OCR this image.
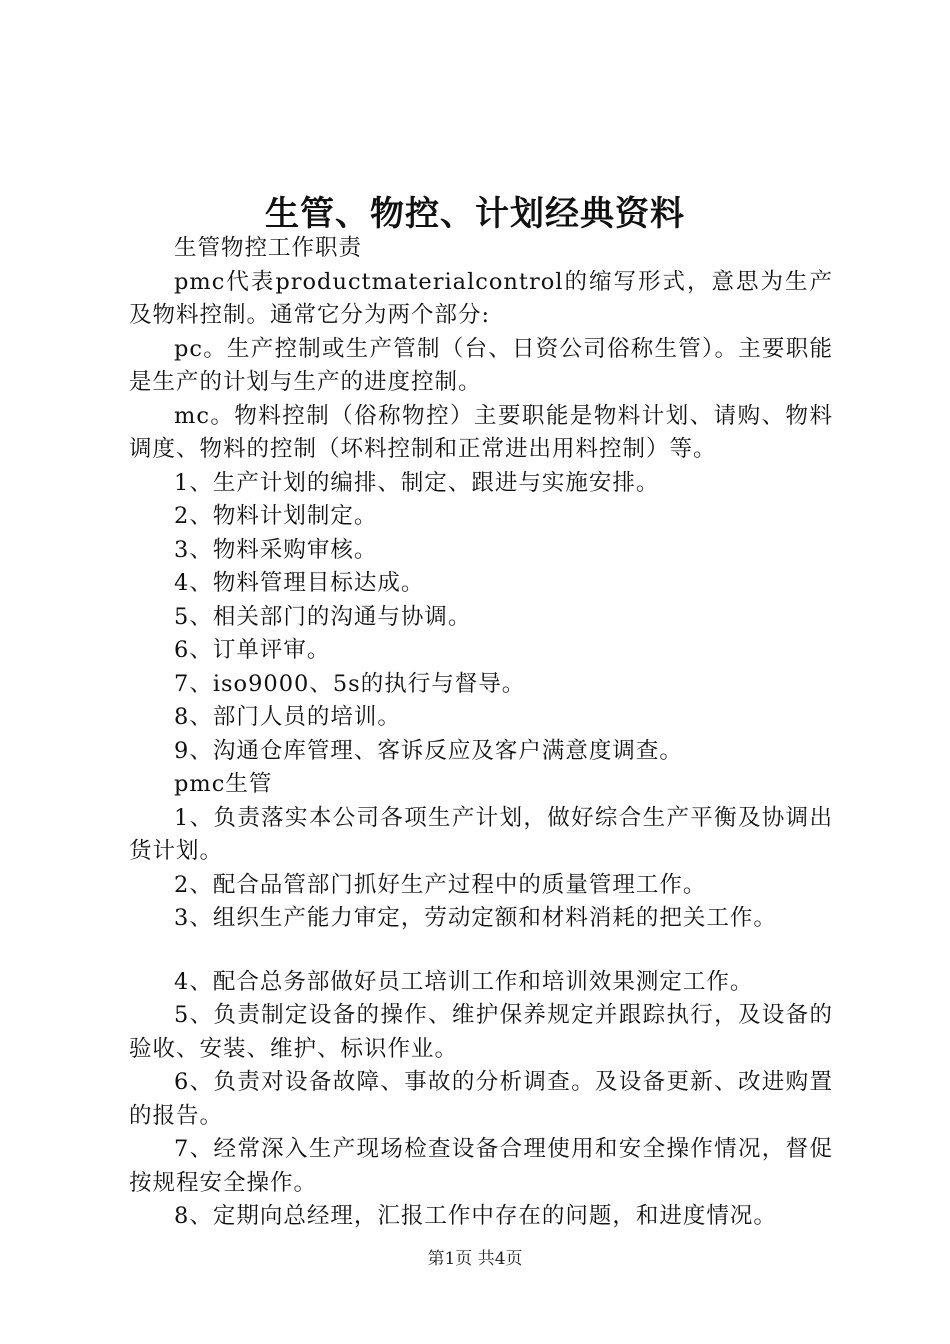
生管、物控、计划经典资料

生管物控工作职责

pmc代表productmaterialcontrol的缩写形式，意思为生产及物料控制。通常它分为两个部分:

pc。生产控制或生产管制（台、日资公司俗称生管）。主要职能是生产的计划与生产的进度控制。

mc。物料控制（俗称物控）主要职能是物料计划、请购、物料调度、物料的控制（坏料控制和正常进出用料控制）等。

1、生产计划的编排、制定、跟进与实施安排。

2、物料计划制定。

3、物料采购审核。

4、物料管理目标达成。

5、相关部门的沟通与协调。

6、订单评审。

7、iso9000、5s的执行与督导。

8、部门人员的培训。

9、沟通仓库管理、客诉反应及客户满意度调查。

pmc生管

1、负责落实本公司各项生产计划，做好综合生产平衡及协调出货计划。

2、配合品管部门抓好生产过程中的质量管理工作。

3、组织生产能力审定，劳动定额和材料消耗的把关工作。

4、配合总务部做好员工培训工作和培训效果测定工作。

5、负责制定设备的操作、维护保养规定并跟踪执行，及设备的验收、安装、维护、标识作业。

6、负责对设备故障、事故的分析调查。及设备更新、改进购置的报告。

7、经常深入生产现场检查设备合理使用和安全操作情况，督促按规程安全操作。

8、定期向总经理，汇报工作中存在的问题，和进度情况。

第1页 共4页
